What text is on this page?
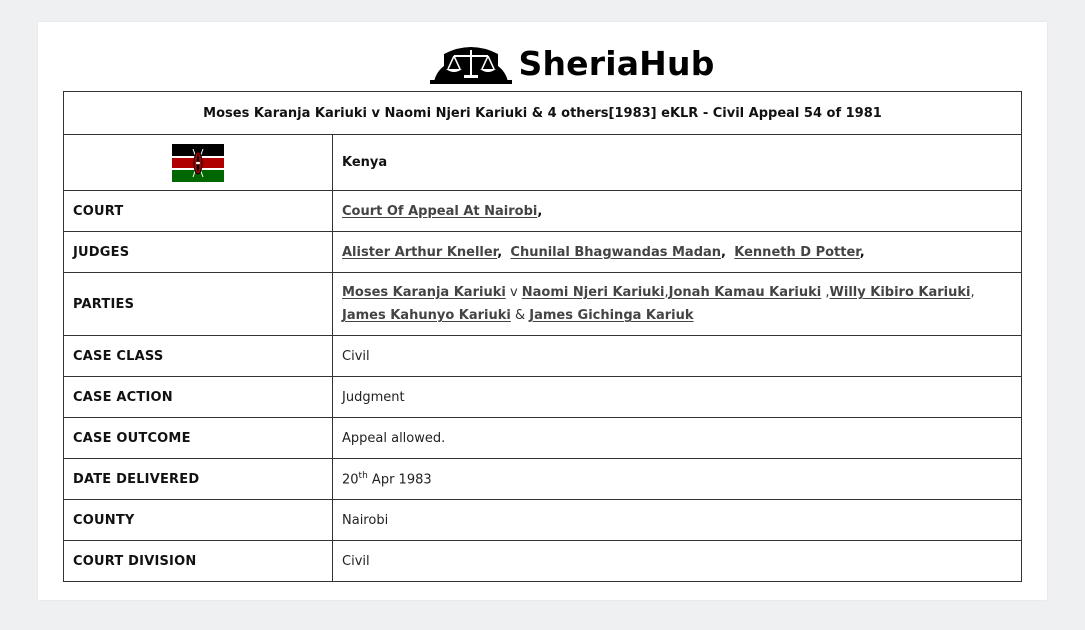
SheriaHub
Moses Karanja Kariuki v Naomi Njeri Kariuki & 4 others[1983] eKLR - Civil Appeal 54 of 1981	
	Kenya
COURT	Court Of Appeal At Nairobi,
JUDGES	Alister Arthur Kneller, Chunilal Bhagwandas Madan, Kenneth D Potter,
PARTIES	Moses Karanja Kariuki v Naomi Njeri Kariuki,Jonah Kamau Kariuki ,Willy Kibiro Kariuki,
James Kahunyo Kariuki & James Gichinga Kariuk
CASE CLASS	Civil
CASE ACTION	Judgment
CASE OUTCOME	Appeal allowed.
DATE DELIVERED	20th Apr 1983
COUNTY	Nairobi
COURT DIVISION	Civil
